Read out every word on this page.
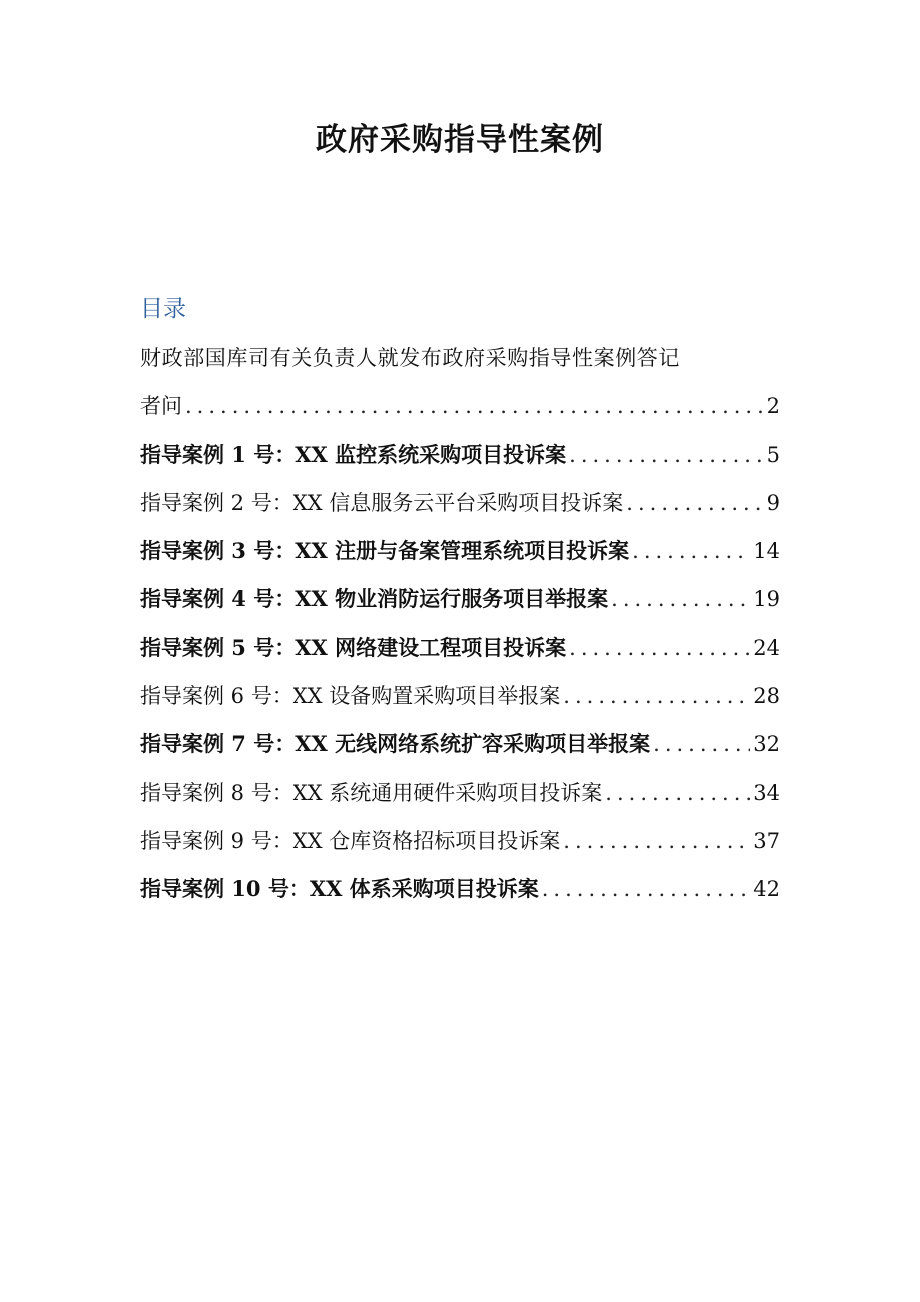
政府采购指导性案例
目录
财政部国库司有关负责人就发布政府采购指导性案例答记
者问 .....	2
指导案例 1 号：XX 监控系统采购项目投诉案 .....	5
指导案例 2 号：XX 信息服务云平台采购项目投诉案 .....	9
指导案例 3 号：XX 注册与备案管理系统项目投诉案 .....	14
指导案例 4 号：XX 物业消防运行服务项目举报案 .....	19
指导案例 5 号：XX 网络建设工程项目投诉案 .....	24
指导案例 6 号：XX 设备购置采购项目举报案 .....	28
指导案例 7 号：XX 无线网络系统扩容采购项目举报案 .....	32
指导案例 8 号：XX 系统通用硬件采购项目投诉案 .....	34
指导案例 9 号：XX 仓库资格招标项目投诉案 .....	37
指导案例 10 号：XX 体系采购项目投诉案 .....	42
